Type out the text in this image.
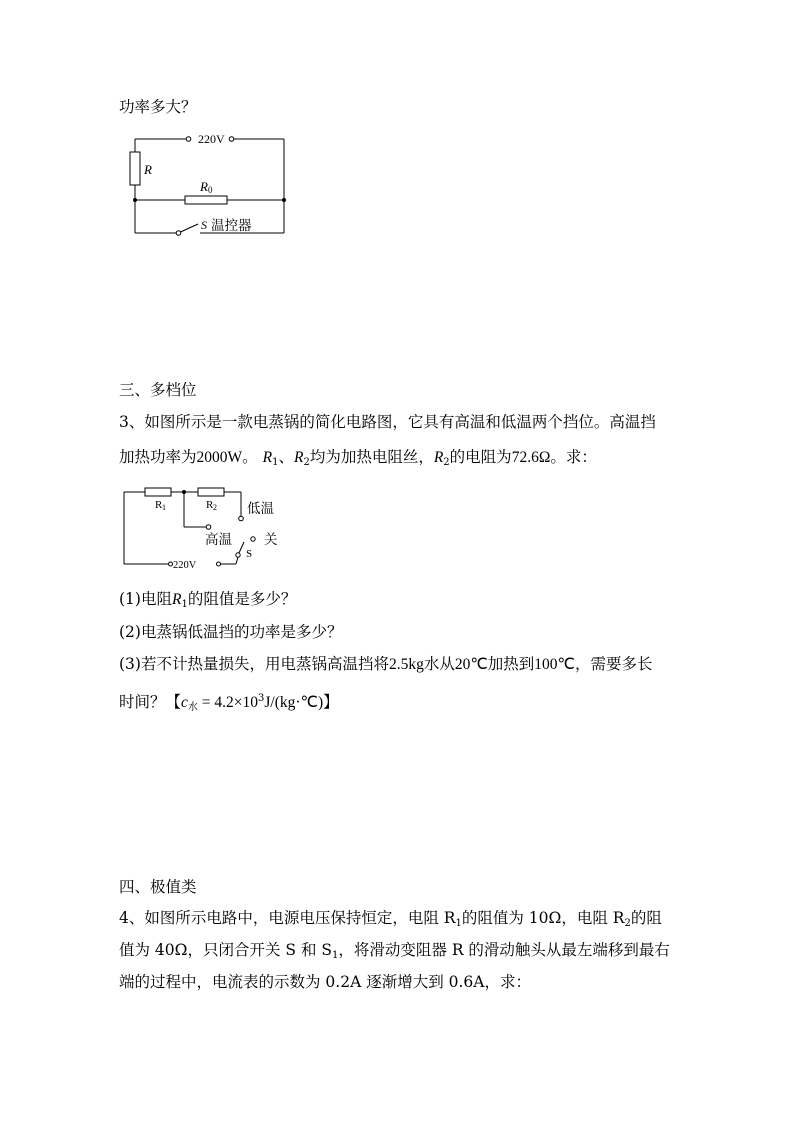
功率多大？
220V
R
R 0
S 温控器
三、多档位
3、如图所示是一款电蒸锅的简化电路图，它具有高温和低温两个挡位。高温挡
加热功率为2000W。 $R_1$、$R_2$均为加热电阻丝，$R_2$的电阻为72.6Ω。求：
R 1	R 2 低温
高温 关
S
220V
(1)电阻$R_1$的阻值是多少？
(2)电蒸锅低温挡的功率是多少？
(3)若不计热量损失，用电蒸锅高温挡将2.5kg水从20℃加热到100℃，需要多长
时间？【$c_水$ = $4.2\times 10^3J/(kg\cdot℃)$】
四、极值类
4、如图所示电路中，电源电压保持恒定，电阻 $R_1$的阻值为 10Ω，电阻 $R_2$的阻
值为 40Ω，只闭合开关 S 和 $S_1$，将滑动变阻器 R 的滑动触头从最左端移到最右
端的过程中，电流表的示数为 0.2A 逐渐增大到 0.6A，求：
